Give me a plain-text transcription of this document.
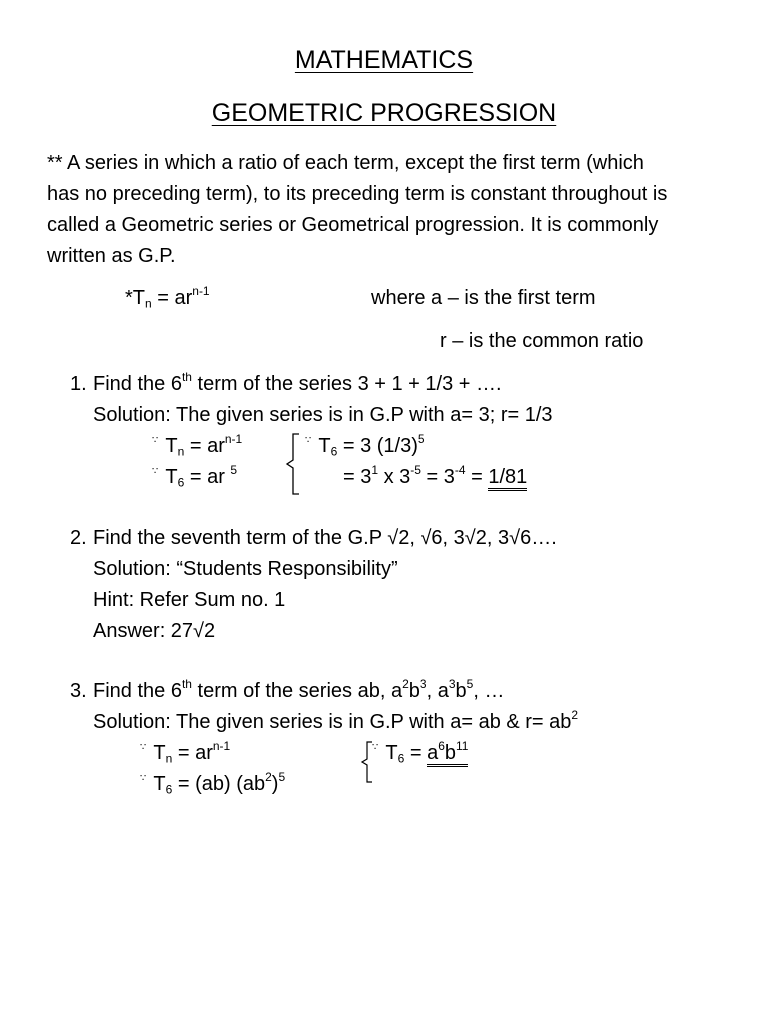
MATHEMATICS
GEOMETRIC PROGRESSION
** A series in which a ratio of each term, except the first term (which
has no preceding term), to its preceding term is constant throughout is
called a Geometric series or Geometrical progression. It is commonly
written as G.P.
$*T_n = ar^{n-1}$	where a – is the first term
r – is the common ratio
1. Find the 6th term of the series 3 + 1 + 1/3 + ….
Solution: The given series is in G.P with a= 3; r= 1/3
∵ $T_n = ar^{n-1}$
∵ $T_6$ = ar $^5$
∵ $T_6 = 3$ $(1/3)^5$
= $3^1$ x $3^{-5} = 3^{-4} = 1/81$
2. Find the seventh term of the G.P √2, √6, 3√2, 3√6….
Solution: “Students Responsibility”
Hint: Refer Sum no. 1
Answer: 27√2
3. Find the 6th term of the series ab, $a^2b^3$, $a^3b^5$, …
Solution: The given series is in G.P with a= ab & $r= ab^2$
∵ $T_n = ar^{n-1}$
∵ $T_6 = (ab)$ $(ab^2)^5$
∵ $T_6 = a^6b^{11}$
